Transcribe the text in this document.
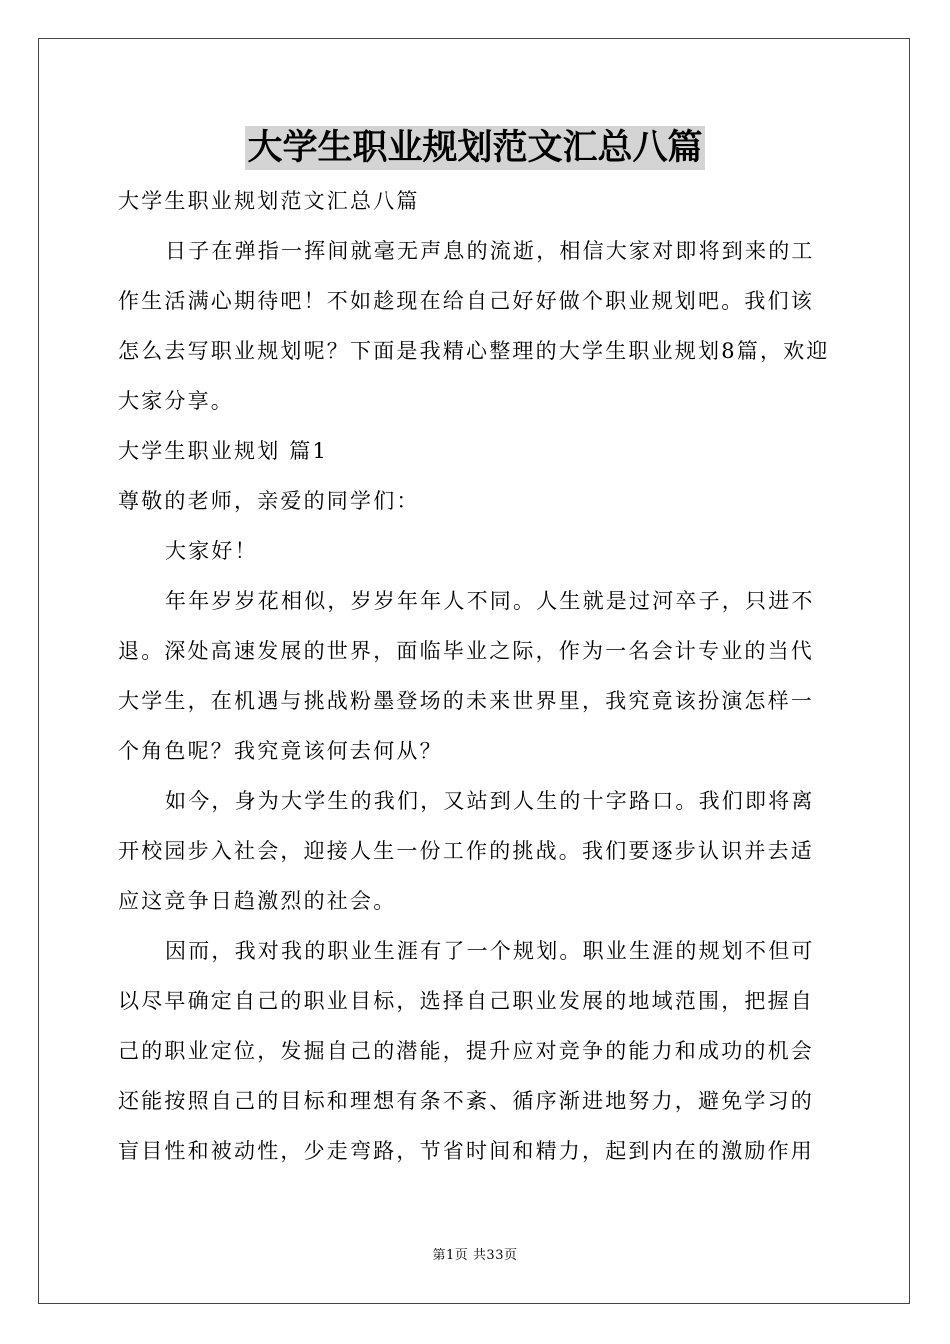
大学生职业规划范文汇总八篇

大学生职业规划范文汇总八篇

日子在弹指一挥间就毫无声息的流逝，相信大家对即将到来的工作生活满心期待吧！不如趁现在给自己好好做个职业规划吧。我们该怎么去写职业规划呢？下面是我精心整理的大学生职业规划8篇，欢迎大家分享。

大学生职业规划 篇1

尊敬的老师，亲爱的同学们：

大家好！

年年岁岁花相似，岁岁年年人不同。人生就是过河卒子，只进不退。深处高速发展的世界，面临毕业之际，作为一名会计专业的当代大学生，在机遇与挑战粉墨登场的未来世界里，我究竟该扮演怎样一个角色呢？我究竟该何去何从？

如今，身为大学生的我们，又站到人生的十字路口。我们即将离开校园步入社会，迎接人生一份工作的挑战。我们要逐步认识并去适应这竞争日趋激烈的社会。

因而，我对我的职业生涯有了一个规划。职业生涯的规划不但可以尽早确定自己的职业目标，选择自己职业发展的地域范围，把握自己的职业定位，发掘自己的潜能，提升应对竞争的能力和成功的机会还能按照自己的目标和理想有条不紊、循序渐进地努力，避免学习的盲目性和被动性，少走弯路，节省时间和精力，起到内在的激励作用

第1页 共33页
